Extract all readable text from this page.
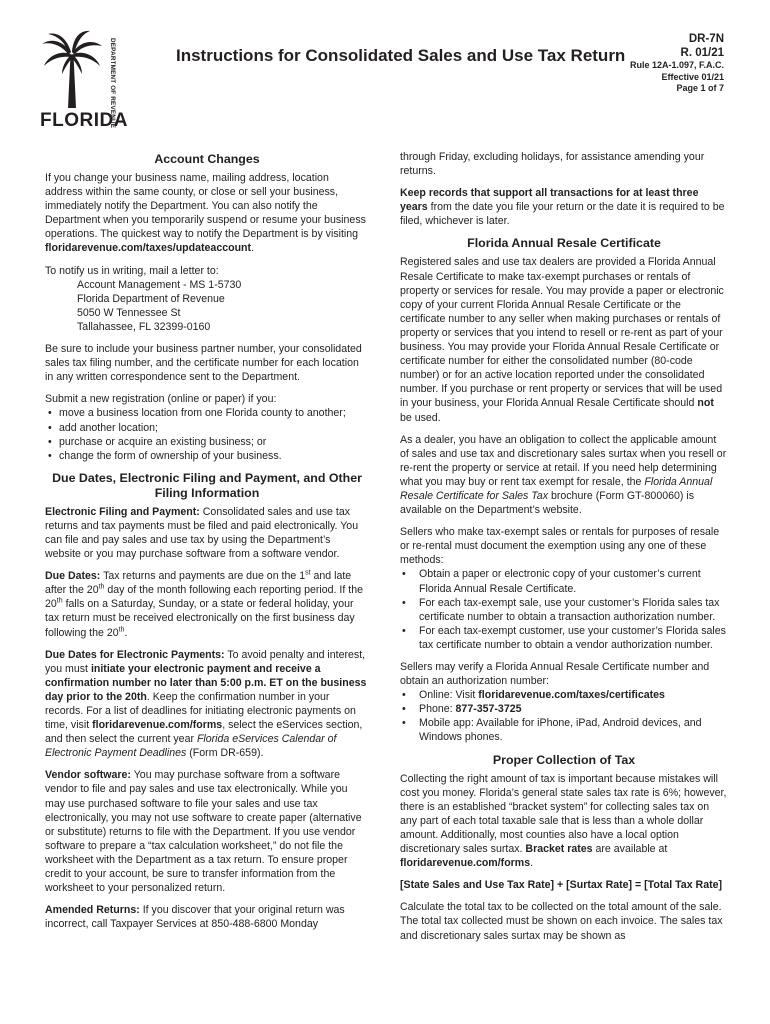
DEPARTMENT OF REVENUE
FLORIDA
Instructions for Consolidated Sales and Use Tax Return
DR-7N
R. 01/21
Rule 12A-1.097, F.A.C.
Effective 01/21
Page 1 of 7
Account Changes

If you change your business name, mailing address, location address within the same county, or close or sell your business, immediately notify the Department. You can also notify the Department when you temporarily suspend or resume your business operations. The quickest way to notify the Department is by visiting floridarevenue.com/taxes/updateaccount.

To notify us in writing, mail a letter to:
Account Management - MS 1-5730
Florida Department of Revenue
5050 W Tennessee St
Tallahassee, FL 32399-0160

Be sure to include your business partner number, your consolidated sales tax filing number, and the certificate number for each location in any written correspondence sent to the Department.

Submit a new registration (online or paper) if you:
• move a business location from one Florida county to another;
• add another location;
• purchase or acquire an existing business; or
• change the form of ownership of your business.
Due Dates, Electronic Filing and Payment, and Other Filing Information

Electronic Filing and Payment: Consolidated sales and use tax returns and tax payments must be filed and paid electronically. You can file and pay sales and use tax by using the Department’s website or you may purchase software from a software vendor.

Due Dates: Tax returns and payments are due on the 1st and late after the 20th day of the month following each reporting period. If the 20th falls on a Saturday, Sunday, or a state or federal holiday, your tax return must be received electronically on the first business day following the 20th.

Due Dates for Electronic Payments: To avoid penalty and interest, you must initiate your electronic payment and receive a confirmation number no later than 5:00 p.m. ET on the business day prior to the 20th. Keep the confirmation number in your records. For a list of deadlines for initiating electronic payments on time, visit floridarevenue.com/forms, select the eServices section, and then select the current year Florida eServices Calendar of Electronic Payment Deadlines (Form DR-659).

Vendor software: You may purchase software from a software vendor to file and pay sales and use tax electronically. While you may use purchased software to file your sales and use tax electronically, you may not use software to create paper (alternative or substitute) returns to file with the Department. If you use vendor software to prepare a “tax calculation worksheet,” do not file the worksheet with the Department as a tax return. To ensure proper credit to your account, be sure to transfer information from the worksheet to your personalized return.

Amended Returns: If you discover that your original return was incorrect, call Taxpayer Services at 850-488-6800 Monday

through Friday, excluding holidays, for assistance amending your returns.

Keep records that support all transactions for at least three years from the date you file your return or the date it is required to be filed, whichever is later.

Florida Annual Resale Certificate

Registered sales and use tax dealers are provided a Florida Annual Resale Certificate to make tax-exempt purchases or rentals of property or services for resale. You may provide a paper or electronic copy of your current Florida Annual Resale Certificate or the certificate number to any seller when making purchases or rentals of property or services that you intend to resell or re-rent as part of your business. You may provide your Florida Annual Resale Certificate or certificate number for either the consolidated number (80-code number) or for an active location reported under the consolidated number. If you purchase or rent property or services that will be used in your business, your Florida Annual Resale Certificate should not be used.

As a dealer, you have an obligation to collect the applicable amount of sales and use tax and discretionary sales surtax when you resell or re-rent the property or service at retail. If you need help determining what you may buy or rent tax exempt for resale, the Florida Annual Resale Certificate for Sales Tax brochure (Form GT-800060) is available on the Department’s website.

Sellers who make tax-exempt sales or rentals for purposes of resale or re-rental must document the exemption using any one of these methods:
• Obtain a paper or electronic copy of your customer’s current Florida Annual Resale Certificate.
• For each tax-exempt sale, use your customer’s Florida sales tax certificate number to obtain a transaction authorization number.
• For each tax-exempt customer, use your customer’s Florida sales tax certificate number to obtain a vendor authorization number.
Sellers may verify a Florida Annual Resale Certificate number and obtain an authorization number:
• Online: Visit floridarevenue.com/taxes/certificates
• Phone: 877-357-3725
• Mobile app: Available for iPhone, iPad, Android devices, and Windows phones.
Proper Collection of Tax

Collecting the right amount of tax is important because mistakes will cost you money. Florida’s general state sales tax rate is 6%; however, there is an established “bracket system” for collecting sales tax on any part of each total taxable sale that is less than a whole dollar amount. Additionally, most counties also have a local option discretionary sales surtax. Bracket rates are available at floridarevenue.com/forms.

[State Sales and Use Tax Rate] + [Surtax Rate] = [Total Tax Rate]

Calculate the total tax to be collected on the total amount of the sale. The total tax collected must be shown on each invoice. The sales tax and discretionary sales surtax may be shown as
